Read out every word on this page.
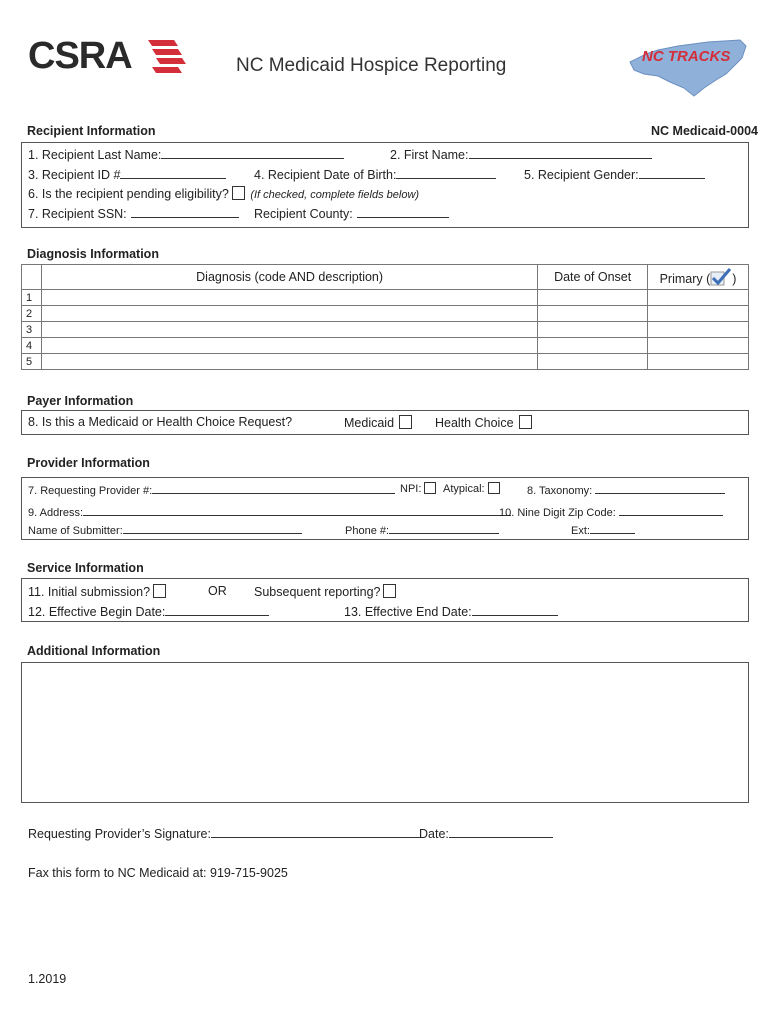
CSRA	NC Medicaid Hospice Reporting	NC TRACKS
Recipient Information	NC Medicaid-0004
1. Recipient Last Name:	2. First Name:
3. Recipient ID #	4. Recipient Date of Birth:	5. Recipient Gender:
6. Is the recipient pending eligibility? (If checked, complete fields below)
7. Recipient SSN:	Recipient County:
Diagnosis Information
	Diagnosis (code AND description)	Date of Onset	Primary ( )
1			
2			
3			
4			
5			
Payer Information
8. Is this a Medicaid or Health Choice Request?	Medicaid	Health Choice
Provider Information
7. Requesting Provider #:	NPI:	Atypical:	8. Taxonomy:
9. Address:	10. Nine Digit Zip Code:
Name of Submitter:	Phone #:	Ext:
Service Information
11. Initial submission?	OR Subsequent reporting?
12. Effective Begin Date:	13. Effective End Date:
Additional Information
Requesting Provider’s Signature:	Date:
Fax this form to NC Medicaid at: 919-715-9025
1.2019
